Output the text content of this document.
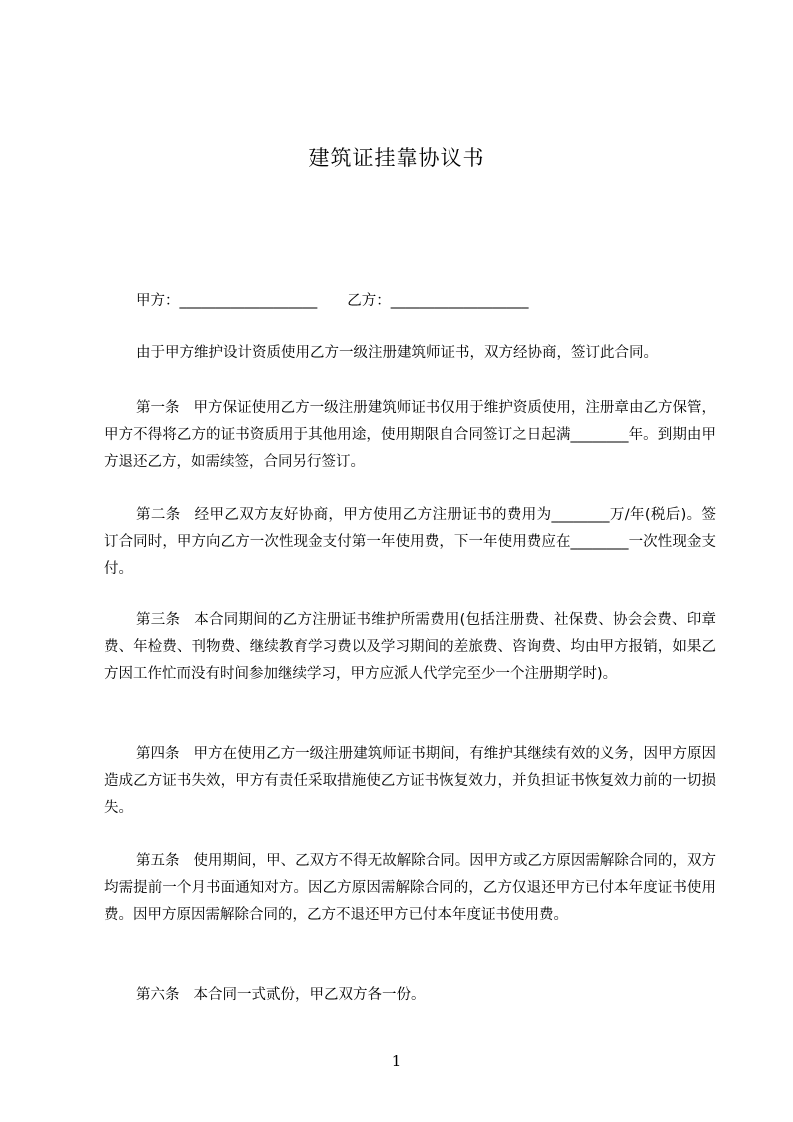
建筑证挂靠协议书
甲方：___________________ 乙方：___________________

由于甲方维护设计资质使用乙方一级注册建筑师证书，双方经协商，签订此合同。

第一条 甲方保证使用乙方一级注册建筑师证书仅用于维护资质使用，注册章由乙方保管，甲方不得将乙方的证书资质用于其他用途，使用期限自合同签订之日起满________年。到期由甲方退还乙方，如需续签，合同另行签订。

第二条 经甲乙双方友好协商，甲方使用乙方注册证书的费用为________万/年(税后)。签订合同时，甲方向乙方一次性现金支付第一年使用费，下一年使用费应在________一次性现金支付。

第三条 本合同期间的乙方注册证书维护所需费用(包括注册费、社保费、协会会费、印章费、年检费、刊物费、继续教育学习费以及学习期间的差旅费、咨询费、均由甲方报销，如果乙方因工作忙而没有时间参加继续学习，甲方应派人代学完至少一个注册期学时)。

第四条 甲方在使用乙方一级注册建筑师证书期间，有维护其继续有效的义务，因甲方原因造成乙方证书失效，甲方有责任采取措施使乙方证书恢复效力，并负担证书恢复效力前的一切损失。

第五条 使用期间，甲、乙双方不得无故解除合同。因甲方或乙方原因需解除合同的，双方均需提前一个月书面通知对方。因乙方原因需解除合同的，乙方仅退还甲方已付本年度证书使用费。因甲方原因需解除合同的，乙方不退还甲方已付本年度证书使用费。

第六条 本合同一式贰份，甲乙双方各一份。

1
